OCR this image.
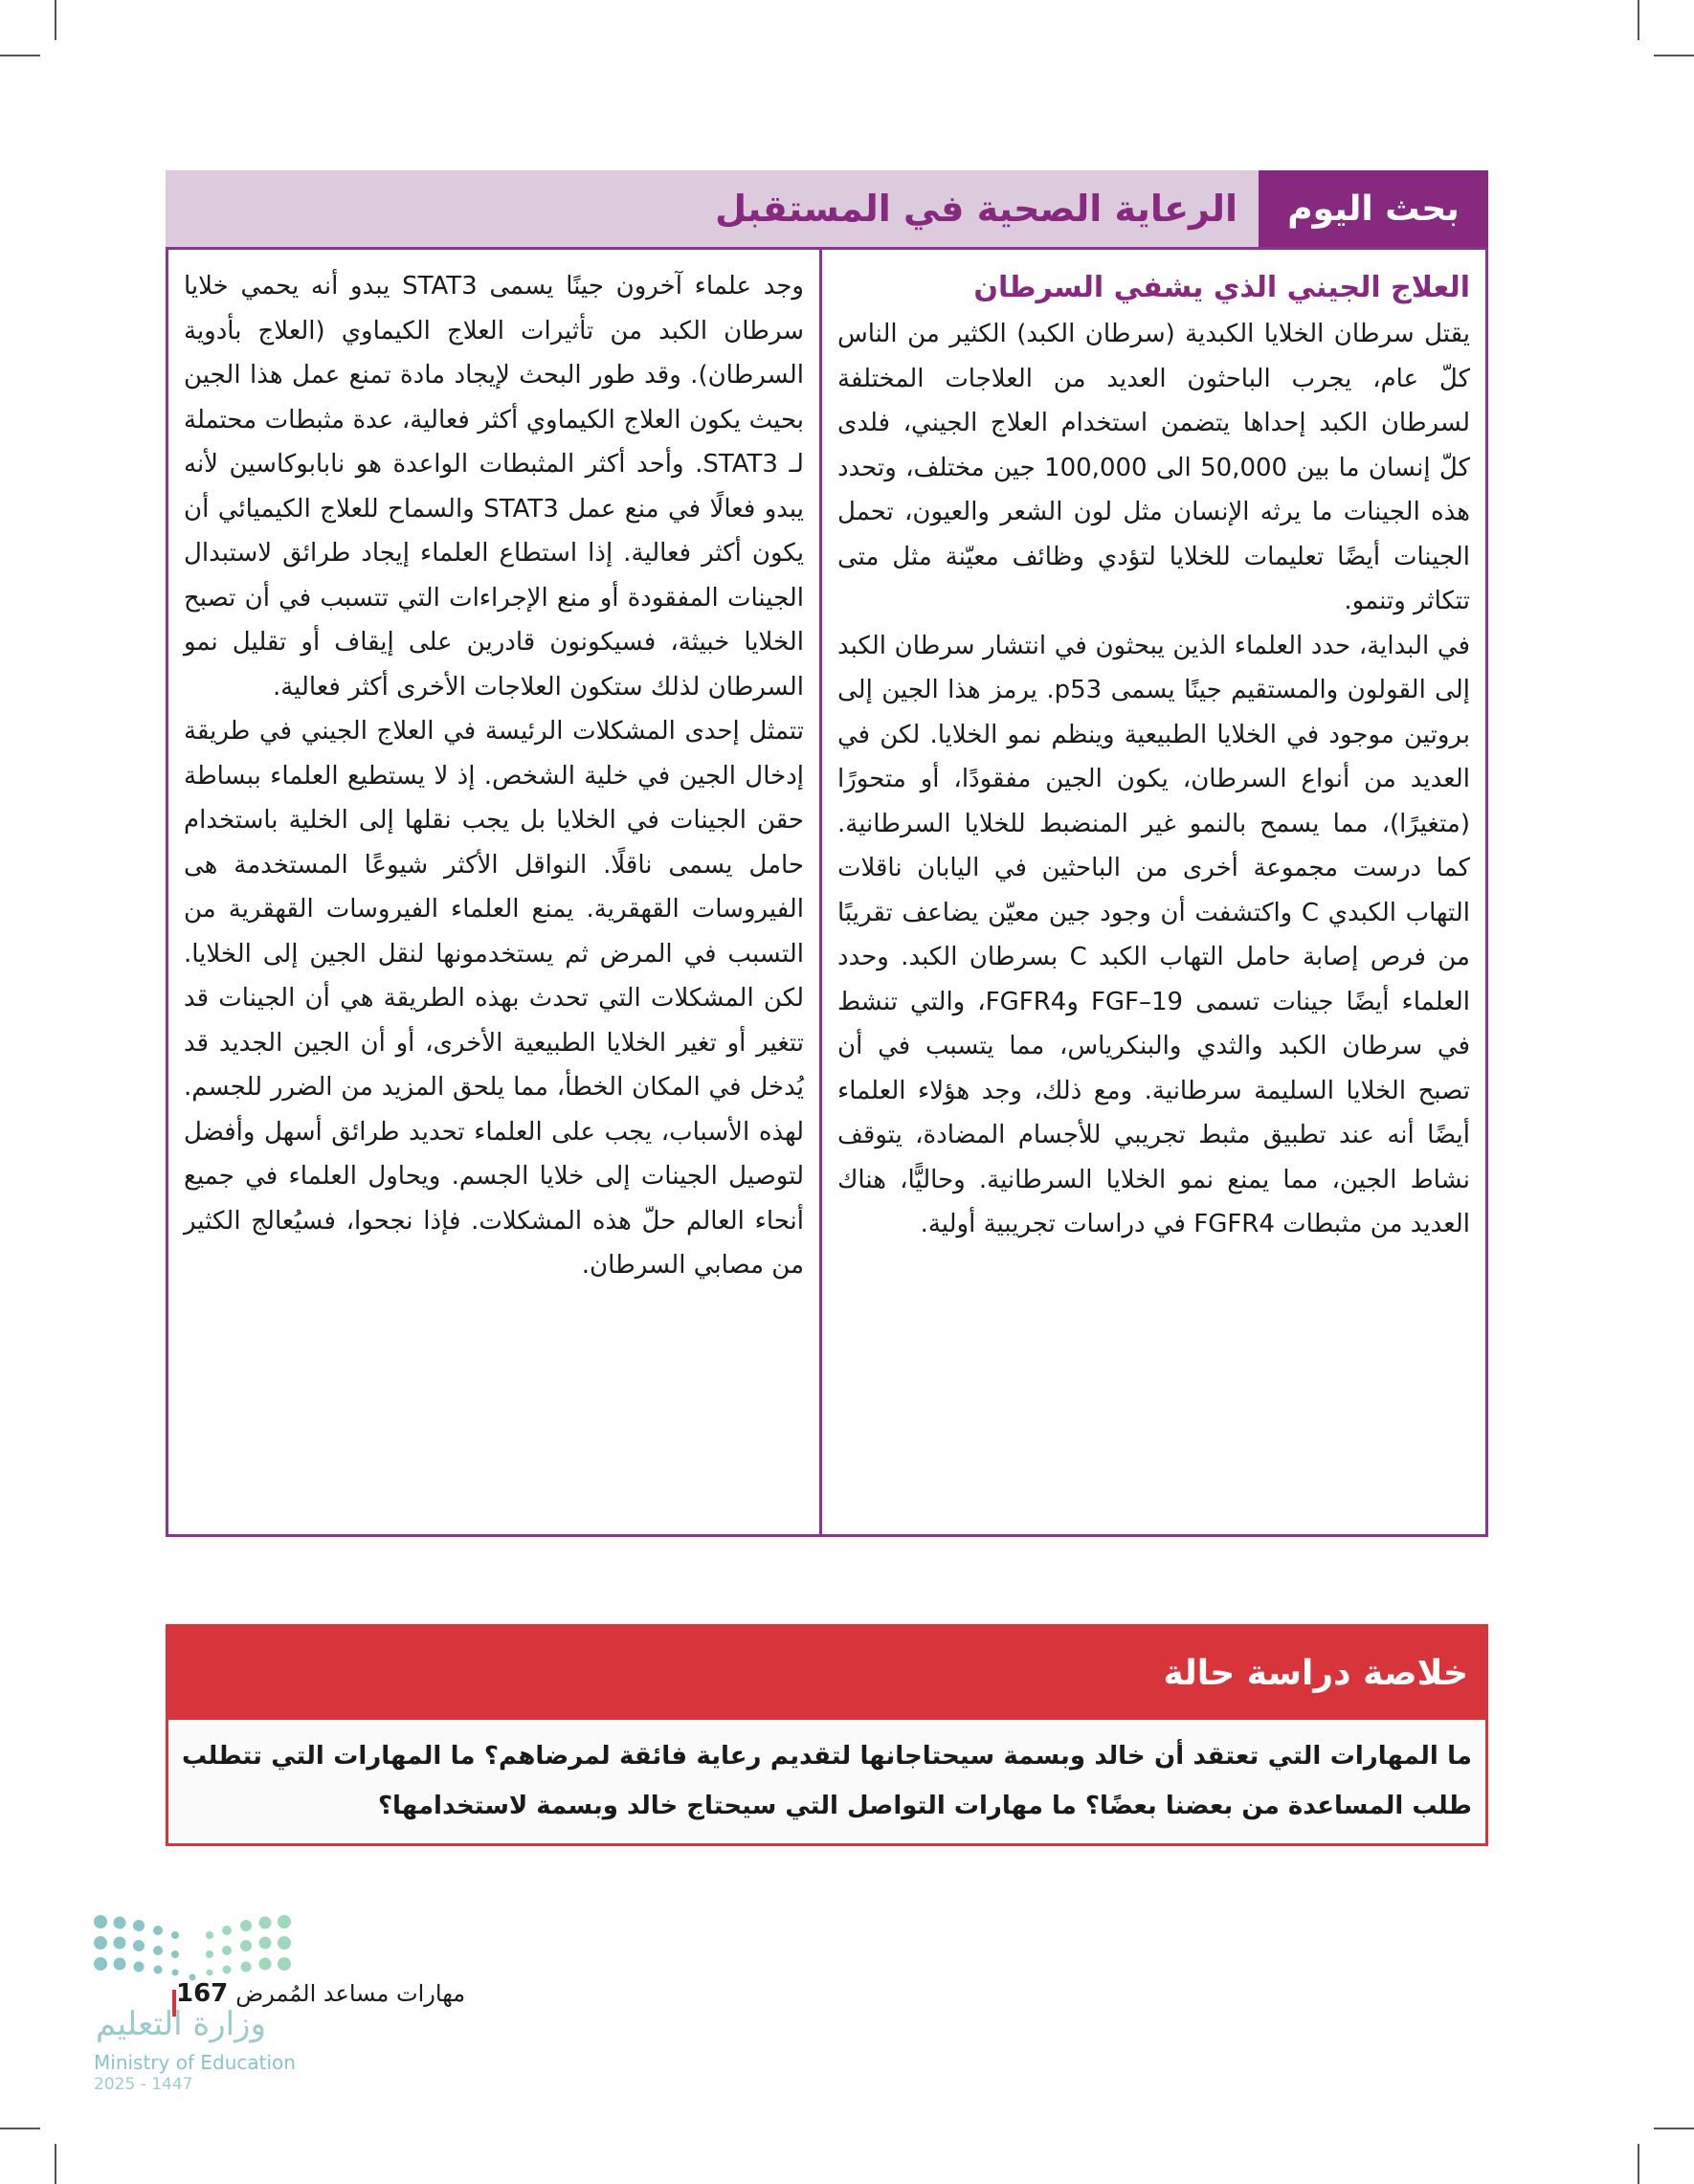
بحث اليوم
الرعاية الصحية في المستقبل
العلاج الجيني الذي يشفي السرطان

يقتل سرطان الخلايا الكبدية (سرطان الكبد) الكثير من الناس كلّ عام، يجرب الباحثون العديد من العلاجات المختلفة لسرطان الكبد إحداها يتضمن استخدام العلاج الجيني، فلدى كلّ إنسان ما بين 50,000 الى 100,000 جين مختلف، وتحدد هذه الجينات ما يرثه الإنسان مثل لون الشعر والعيون، تحمل الجينات أيضًا تعليمات للخلايا لتؤدي وظائف معيّنة مثل متى تتكاثر وتنمو.

في البداية، حدد العلماء الذين يبحثون في انتشار سرطان الكبد إلى القولون والمستقيم جينًا يسمى p53. يرمز هذا الجين إلى بروتين موجود في الخلايا الطبيعية وينظم نمو الخلايا. لكن في العديد من أنواع السرطان، يكون الجين مفقودًا، أو متحورًا (متغيرًا)، مما يسمح بالنمو غير المنضبط للخلايا السرطانية. كما درست مجموعة أخرى من الباحثين في اليابان ناقلات التهاب الكبدي C واكتشفت أن وجود جين معيّن يضاعف تقريبًا من فرص إصابة حامل التهاب الكبد C بسرطان الكبد. وحدد العلماء أيضًا جينات تسمى FGF–19 وFGFR4، والتي تنشط في سرطان الكبد والثدي والبنكرياس، مما يتسبب في أن تصبح الخلايا السليمة سرطانية. ومع ذلك، وجد هؤلاء العلماء أيضًا أنه عند تطبيق مثبط تجريبي للأجسام المضادة، يتوقف نشاط الجين، مما يمنع نمو الخلايا السرطانية. وحاليًّا، هناك العديد من مثبطات FGFR4 في دراسات تجريبية أولية.

وجد علماء آخرون جينًا يسمى STAT3 يبدو أنه يحمي خلايا سرطان الكبد من تأثيرات العلاج الكيماوي (العلاج بأدوية السرطان). وقد طور البحث لإيجاد مادة تمنع عمل هذا الجين بحيث يكون العلاج الكيماوي أكثر فعالية، عدة مثبطات محتملة لـ STAT3. وأحد أكثر المثبطات الواعدة هو نابابوكاسين لأنه يبدو فعالًا في منع عمل STAT3 والسماح للعلاج الكيميائي أن يكون أكثر فعالية. إذا استطاع العلماء إيجاد طرائق لاستبدال الجينات المفقودة أو منع الإجراءات التي تتسبب في أن تصبح الخلايا خبيثة، فسيكونون قادرين على إيقاف أو تقليل نمو السرطان لذلك ستكون العلاجات الأخرى أكثر فعالية.

تتمثل إحدى المشكلات الرئيسة في العلاج الجيني في طريقة إدخال الجين في خلية الشخص. إذ لا يستطيع العلماء ببساطة حقن الجينات في الخلايا بل يجب نقلها إلى الخلية باستخدام حامل يسمى ناقلًا. النواقل الأكثر شيوعًا المستخدمة هى الفيروسات القهقرية. يمنع العلماء الفيروسات القهقرية من التسبب في المرض ثم يستخدمونها لنقل الجين إلى الخلايا. لكن المشكلات التي تحدث بهذه الطريقة هي أن الجينات قد تتغير أو تغير الخلايا الطبيعية الأخرى، أو أن الجين الجديد قد يُدخل في المكان الخطأ، مما يلحق المزيد من الضرر للجسم. لهذه الأسباب، يجب على العلماء تحديد طرائق أسهل وأفضل لتوصيل الجينات إلى خلايا الجسم. ويحاول العلماء في جميع أنحاء العالم حلّ هذه المشكلات. فإذا نجحوا، فسيُعالج الكثير من مصابي السرطان.

خلاصة دراسة حالة
ما المهارات التي تعتقد أن خالد وبسمة سيحتاجانها لتقديم رعاية فائقة لمرضاهم؟ ما المهارات التي تتطلب طلب المساعدة من بعضنا بعضًا؟ ما مهارات التواصل التي سيحتاج خالد وبسمة لاستخدامها؟
مهارات مساعد المُمرض
167
وزارة التعليم
Ministry of Education
2025 - 1447
